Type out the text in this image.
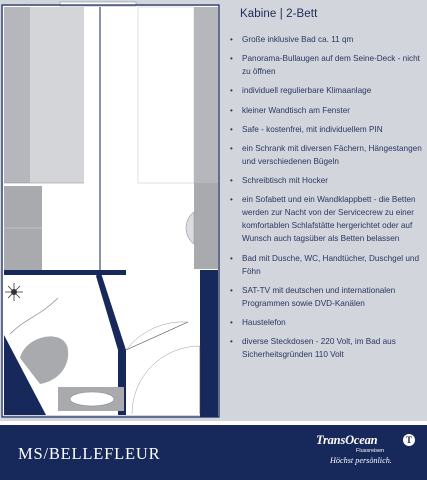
Kabine | 2-Bett
• Große inklusive Bad ca. 11 qm
• Panorama-Bullaugen auf dem Seine-Deck - nicht zu öffnen
• individuell regulierbare Klimaanlage
• kleiner Wandtisch am Fenster
• Safe - kostenfrei, mit individuellem PIN
• ein Schrank mit diversen Fächern, Hängestangen und verschiedenen Bügeln
• Schreibtisch mit Hocker
• ein Sofabett und ein Wandklappbett - die Betten werden zur Nacht von der Servicecrew zu einer komfortablen Schlafstätte hergerichtet oder auf Wunsch auch tagsüber als Betten belassen
• Bad mit Dusche, WC, Handtücher, Duschgel und Föhn
• SAT-TV mit deutschen und internationalen Programmen sowie DVD-Kanälen
• Haustelefon
• diverse Steckdosen - 220 Volt, im Bad aus Sicherheitsgründen 110 Volt
MS/BELLEFLEUR
TransOcean	T
Flussreisen
Höchst persönlich.
